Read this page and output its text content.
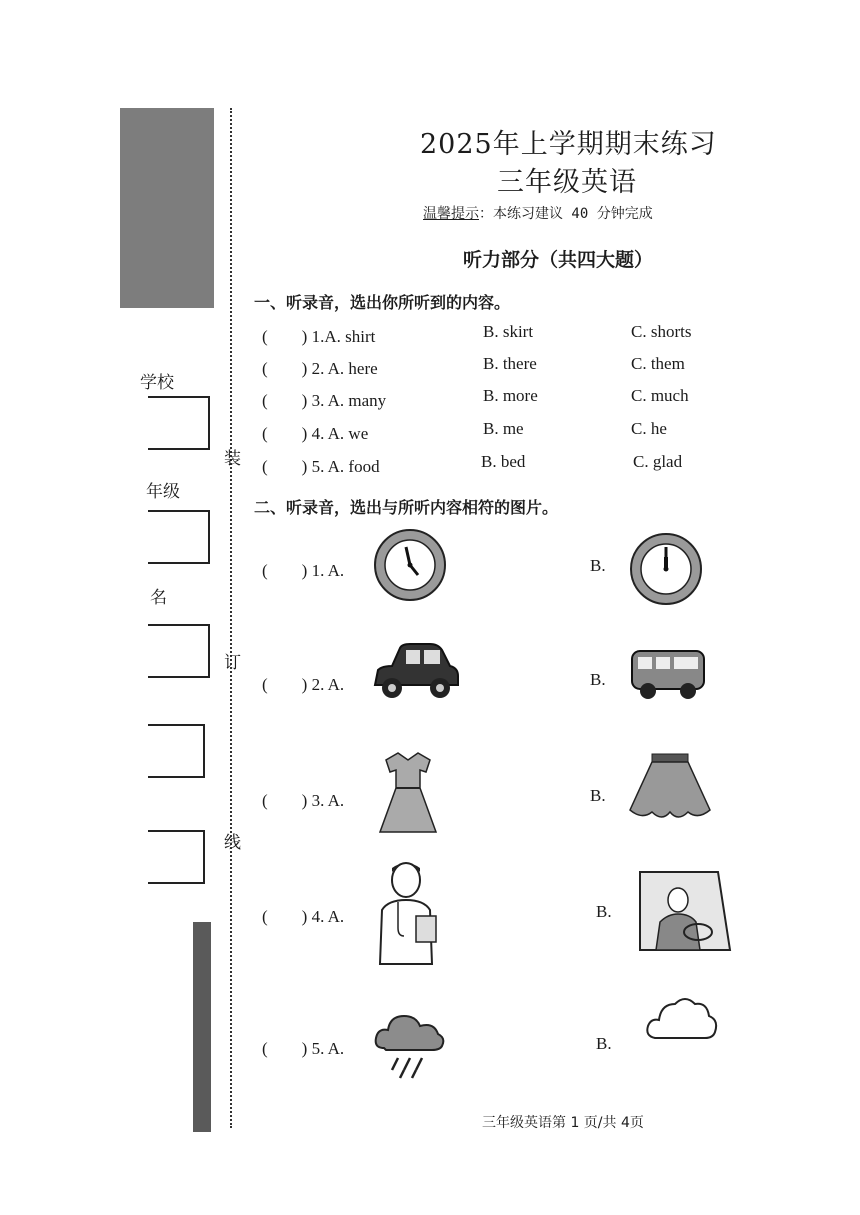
学校
年级
名
装
订
线
2025年上学期期末练习
三年级英语
温馨提示：本练习建议 40 分钟完成
听力部分（共四大题）
一、听录音，选出你所听到的内容。
(　　) 1.A. shirt	B. skirt	C. shorts
(　　) 2. A. here	B. there	C. them
(　　) 3. A. many	B. more	C. much
(　　) 4. A. we	B. me	C. he
(　　) 5. A. food	B. bed	C. glad
二、听录音，选出与所听内容相符的图片。
(　　) 1. A.	B.
(　　) 2. A.	B.
(　　) 3. A.	B.
(　　) 4. A.	B.
(　　) 5. A.	B.
三年级英语第 1 页/共 4页
